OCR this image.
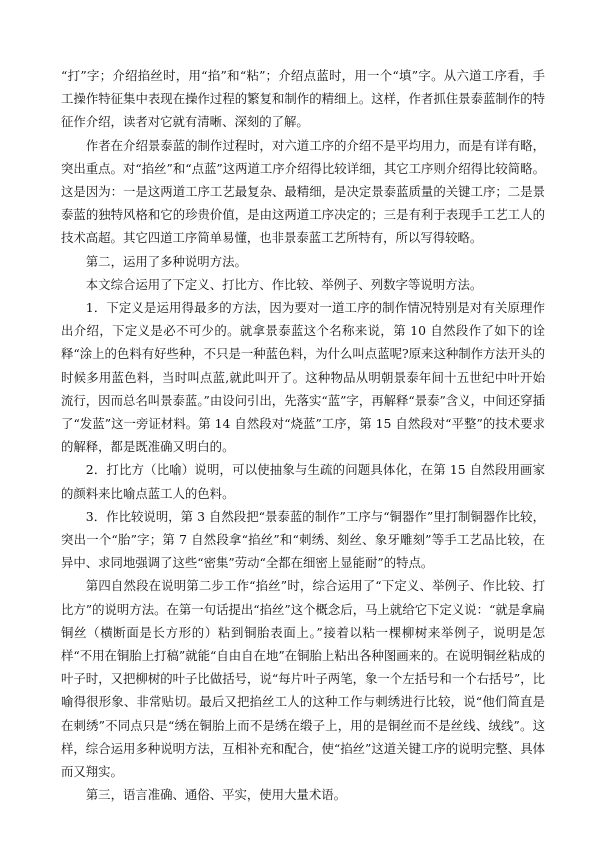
“打”字；介绍掐丝时，用“掐”和“粘”；介绍点蓝时，用一个“填”字。从六道工序看，手工操作特征集中表现在操作过程的繁复和制作的精细上。这样，作者抓住景泰蓝制作的特征作介绍，读者对它就有清晰、深刻的了解。

作者在介绍景泰蓝的制作过程时，对六道工序的介绍不是平均用力，而是有详有略，突出重点。对“掐丝”和“点蓝”这两道工序介绍得比较详细，其它工序则介绍得比较简略。这是因为：一是这两道工序工艺最复杂、最精细，是决定景泰蓝质量的关键工序；二是景泰蓝的独特风格和它的珍贵价值，是由这两道工序决定的；三是有利于表现手工艺工人的技术高超。其它四道工序简单易懂，也非景泰蓝工艺所特有，所以写得较略。

第二，运用了多种说明方法。

本文综合运用了下定义、打比方、作比较、举例子、列数字等说明方法。

1．下定义是运用得最多的方法，因为要对一道工序的制作情况特别是对有关原理作出介绍，下定义是必不可少的。就拿景泰蓝这个名称来说，第 10 自然段作了如下的诠释“涂上的色料有好些种，不只是一种蓝色料，为什么叫点蓝呢?原来这种制作方法开头的时候多用蓝色料，当时叫点蓝,就此叫开了。这种物品从明朝景泰年间十五世纪中叶开始流行，因而总名叫景泰蓝。”由设问引出，先落实“蓝”字，再解释“景泰”含义，中间还穿插了“发蓝”这一旁证材料。第 14 自然段对“烧蓝”工序，第 15 自然段对“平整”的技术要求的解释，都是既准确又明白的。

2．打比方（比喻）说明，可以使抽象与生疏的问题具体化，在第 15 自然段用画家的颜料来比喻点蓝工人的色料。

3．作比较说明，第 3 自然段把“景泰蓝的制作”工序与“铜器作”里打制铜器作比较，突出一个“胎”字；第 7 自然段拿“掐丝”和“刺绣、刻丝、象牙雕刻”等手工艺品比较，在异中、求同地强调了这些“密集”劳动“全都在细密上显能耐”的特点。

第四自然段在说明第二步工作“掐丝”时，综合运用了“下定义、举例子、作比较、打比方”的说明方法。在第一句话提出“掐丝”这个概念后，马上就给它下定义说：“就是拿扁铜丝（横断面是长方形的）粘到铜胎表面上。”接着以粘一棵柳树来举例子，说明是怎样“不用在铜胎上打稿”就能“自由自在地”在铜胎上粘出各种图画来的。在说明铜丝粘成的叶子时，又把柳树的叶子比做括号，说“每片叶子两笔，象一个左括号和一个右括号”，比喻得很形象、非常贴切。最后又把掐丝工人的这种工作与刺绣进行比较，说“他们简直是在刺绣”不同点只是“绣在铜胎上而不是绣在缎子上，用的是铜丝而不是丝线、绒线”。这样，综合运用多种说明方法，互相补充和配合，使“掐丝”这道关键工序的说明完整、具体而又翔实。

第三，语言准确、通俗、平实，使用大量术语。
